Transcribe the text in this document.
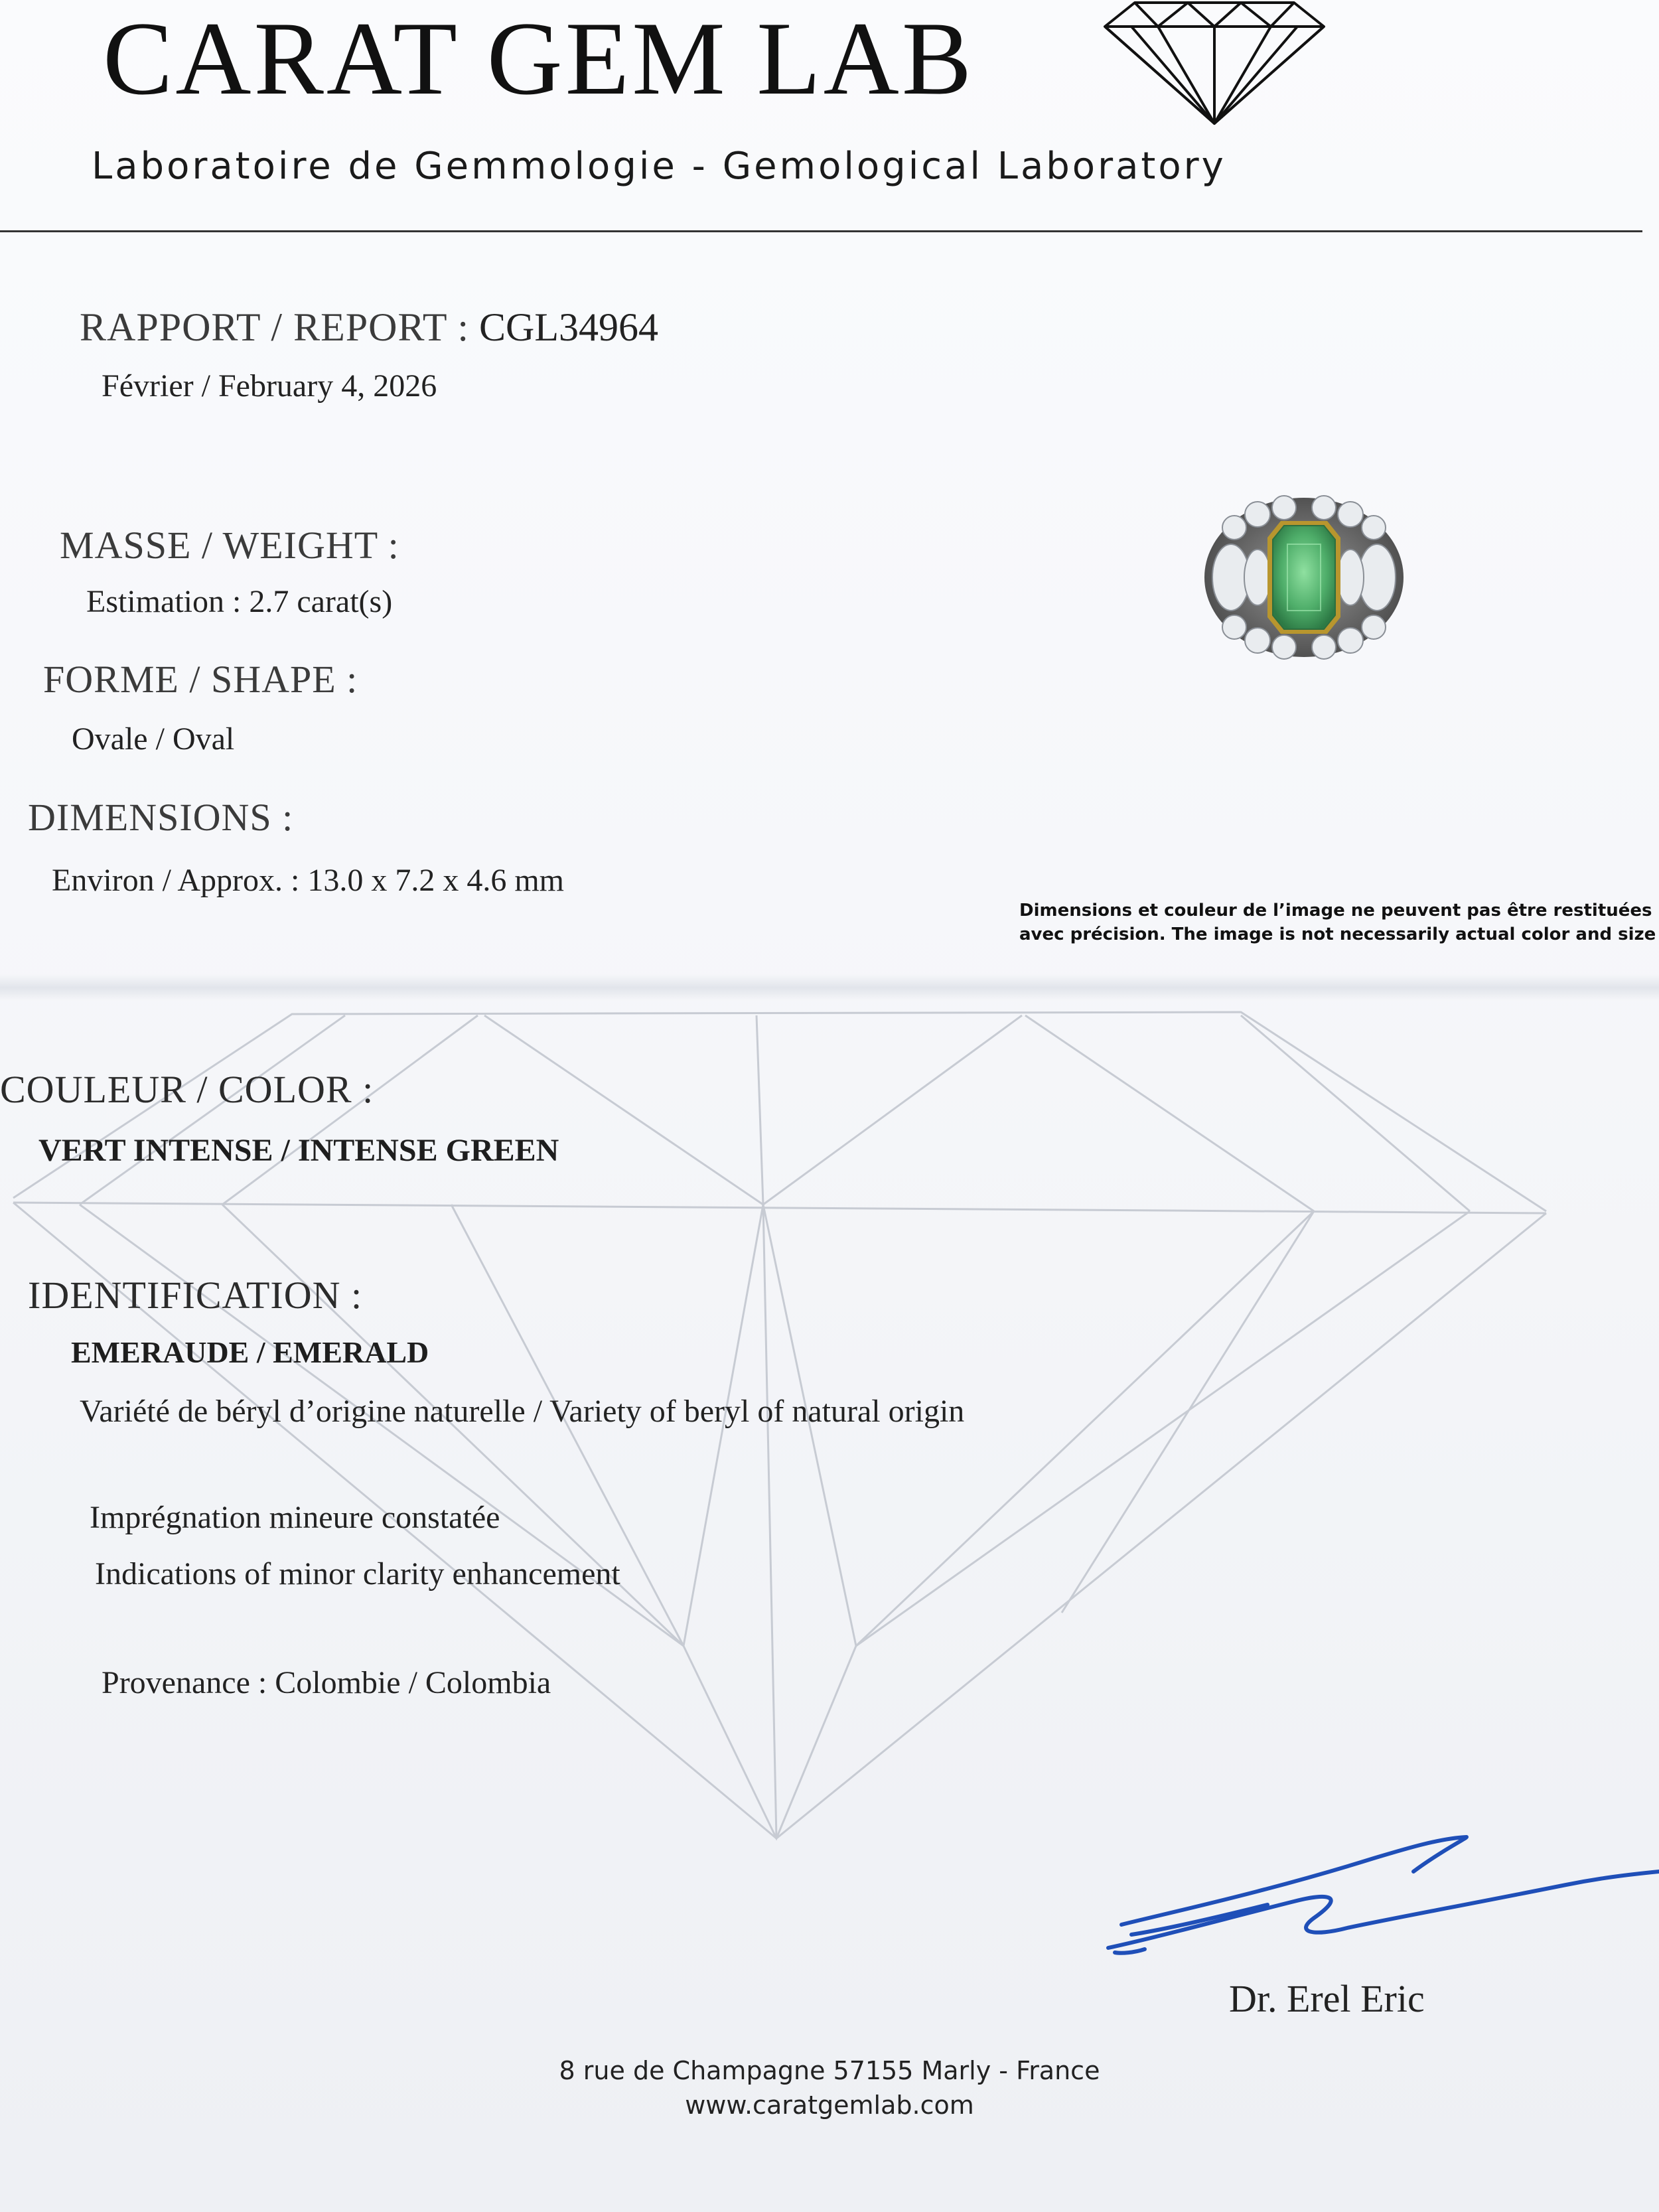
CARAT GEM LAB
Laboratoire de Gemmologie - Gemological Laboratory
RAPPORT / REPORT : CGL34964
Février / February 4, 2026
MASSE / WEIGHT :
Estimation : 2.7 carat(s)
FORME / SHAPE :
Ovale / Oval
DIMENSIONS :
Environ / Approx. : 13.0 x 7.2 x 4.6 mm
Dimensions et couleur de l’image ne peuvent pas être restituées
avec précision. The image is not necessarily actual color and size
COULEUR / COLOR :
VERT INTENSE / INTENSE GREEN
IDENTIFICATION :
EMERAUDE / EMERALD
Variété de béryl d’origine naturelle / Variety of beryl of natural origin
Imprégnation mineure constatée
Indications of minor clarity enhancement
Provenance : Colombie / Colombia
Dr. Erel Eric
8 rue de Champagne 57155 Marly - France
www.caratgemlab.com
